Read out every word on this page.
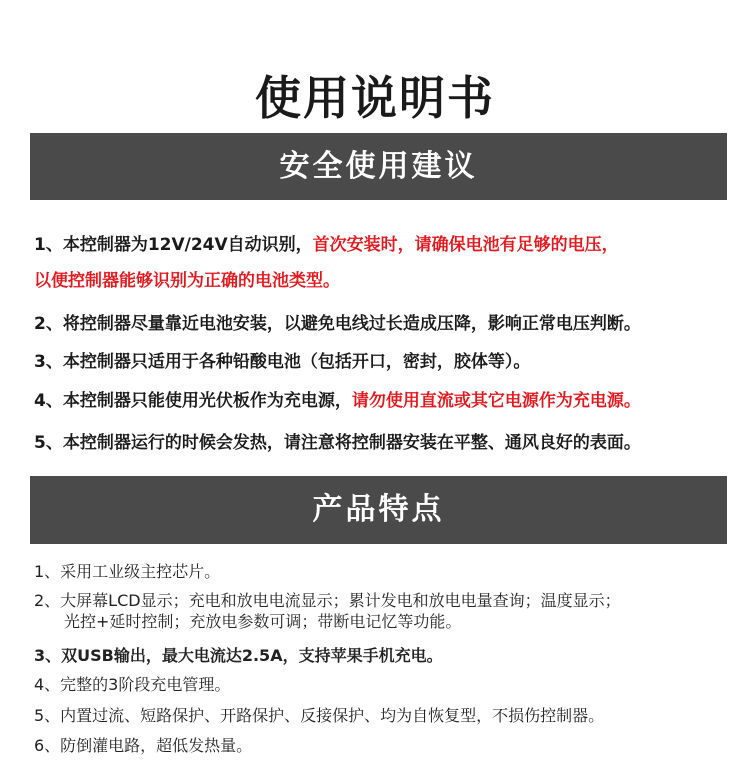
使用说明书
安全使用建议
1、本控制器为12V/24V自动识别，首次安装时，请确保电池有足够的电压，
以便控制器能够识别为正确的电池类型。
2、将控制器尽量靠近电池安装，以避免电线过长造成压降，影响正常电压判断。
3、本控制器只适用于各种铅酸电池（包括开口，密封，胶体等）。
4、本控制器只能使用光伏板作为充电源，请勿使用直流或其它电源作为充电源。
5、本控制器运行的时候会发热，请注意将控制器安装在平整、通风良好的表面。
产品特点
1、采用工业级主控芯片。
2、大屏幕LCD显示；充电和放电电流显示；累计发电和放电电量查询；温度显示；
光控+延时控制；充放电参数可调；带断电记忆等功能。
3、双USB输出，最大电流达2.5A，支持苹果手机充电。
4、完整的3阶段充电管理。
5、内置过流、短路保护、开路保护、反接保护、均为自恢复型，不损伤控制器。
6、防倒灌电路，超低发热量。
